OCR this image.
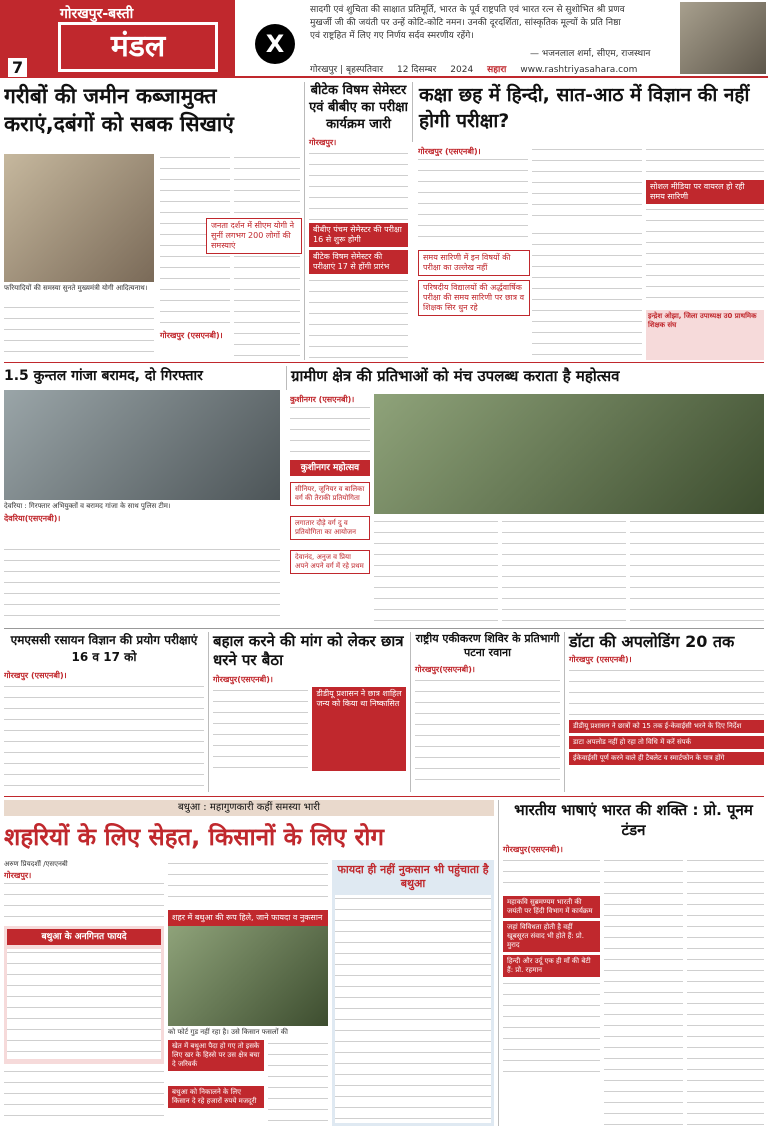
7
गोरखपुर-बस्ती
मंडल	X
सादगी एवं शुचिता की साक्षात प्रतिमूर्ति, भारत के पूर्व राष्ट्रपति एवं भारत रत्न से सुशोभित श्री प्रणव मुखर्जी जी की जयंती पर उन्हें कोटि-कोटि नमन। उनकी दूरदर्शिता, सांस्कृतिक मूल्यों के प्रति निष्ठा एवं राष्ट्रहित में लिए गए निर्णय सर्दव स्मरणीय रहेंगे।
— भजनलाल शर्मा, सीएम, राजस्थान
गोरखपुर | बृहस्पतिवार 12 दिसम्बर 2024 सहारा www.rashtriyasahara.com
गरीबों की जमीन कब्जामुक्त कराएं,दबंगों को सबक सिखाएं
फरियादियों की समस्या सुनते मुख्यमंत्री योगी आदित्यनाथ।
गोरखपुर (एसएनबी)।
जनता दर्शन में सीएम योगी ने सुनीं लगभग 200 लोगों की समस्याएं
बीटेक विषम सेमेस्टर एवं बीबीए का परीक्षा कार्यक्रम जारी
गोरखपुर।
बीबीए पंचम सेमेस्टर की परीक्षा 16 से शुरू होगी
बीटेक विषम सेमेस्टर की परीक्षाएं 17 से होंगी प्रारंभ
कक्षा छह में हिन्दी, सात-आठ में विज्ञान की नहीं होगी परीक्षा?
गोरखपुर (एसएनबी)।
समय सारिणी में इन विषयों की परीक्षा का उल्लेख नहीं
परिषदीय विद्यालयों की अर्द्धवार्षिक परीक्षा की समय सारिणी पर छात्र व शिक्षक सिर धुन रहे
सोशल मीडिया पर वायरल हो रही समय सारिणी
इन्द्रेश ओझा, जिला उपाध्यक्ष उ0 प्राथमिक शिक्षक संघ
1.5 कुन्तल गांजा बरामद, दो गिरफ्तार
देवरिया : गिरफ्तार अभियुक्तों व बरामद गांजा के साथ पुलिस टीम।
देवरिया(एसएनबी)।
ग्रामीण क्षेत्र की प्रतिभाओं को मंच उपलब्ध कराता है महोत्सव
कुशीनगर (एसएनबी)।
कुशीनगर महोत्सव
सीनियर, जूनियर व बालिका वर्ग की तैराकी प्रतियोगिता
लगातार दौड़े वर्ग दु व प्रतियोगिता का आयोजन
देवानंद, अनुज व प्रिया अपने अपने वर्ग में रहे प्रथम
एमएससी रसायन विज्ञान की प्रयोग परीक्षाएं 16 व 17 को
गोरखपुर (एसएनबी)।
बहाल करने की मांग को लेकर छात्र धरने पर बैठा
गोरखपुर(एसएनबी)।
डीडीयू प्रशासन ने छात्र शाहिल जन्य को किया था निष्कासित
राष्ट्रीय एकीकरण शिविर के प्रतिभागी पटना रवाना
गोरखपुर(एसएनबी)।
डॉटा की अपलोडिंग 20 तक
गोरखपुर (एसएनबी)।
डीडीयू प्रशासन ने छात्रों को 15 तक ई-केवाईसी भरने के दिए निर्देश
डाटा अपलोड नहीं हो रहा तो विधि में करें संपर्क
ईकेवाईसी पूर्ण करने वाले ही टैबलेट व स्मार्टफोन के पात्र होंगे
बधुआ : महागुणकारी कहीं समस्या भारी
शहरियों के लिए सेहत, किसानों के लिए रोग
अरुण प्रियदर्शी /एसएनबी
गोरखपुर।
बथुआ के अनगिनत फायदे
शहर में बथुआ की रूप हिले, जाने फायदा व नुकसान
को फोर्ट गुड नहीं रहा है। उसे किसान फसलों की
खेत में बथुआ पैदा हो गए तो इसके लिए खर के हिस्से पर उस क्षेत्र बचा दे जरिवर्क
बथुआ को निकालने के लिए किसान दे रहे हजारों रुपये मजदूरी
फायदा ही नहीं नुकसान भी पहुंचाता है बथुआ
भारतीय भाषाएं भारत की शक्ति : प्रो. पूनम टंडन
गोरखपुर(एसएनबी)।
महाकवि सुब्रमण्यम भारती की जयंती पर हिंदी विभाग में कार्यक्रम
जहां विविधता होती है वहीं खूबसूरत संवाद भी होते हैं: प्रो. मुराद
हिन्दी और उर्दू एक ही माँ की बेटी हैं: प्रो. रहमान
